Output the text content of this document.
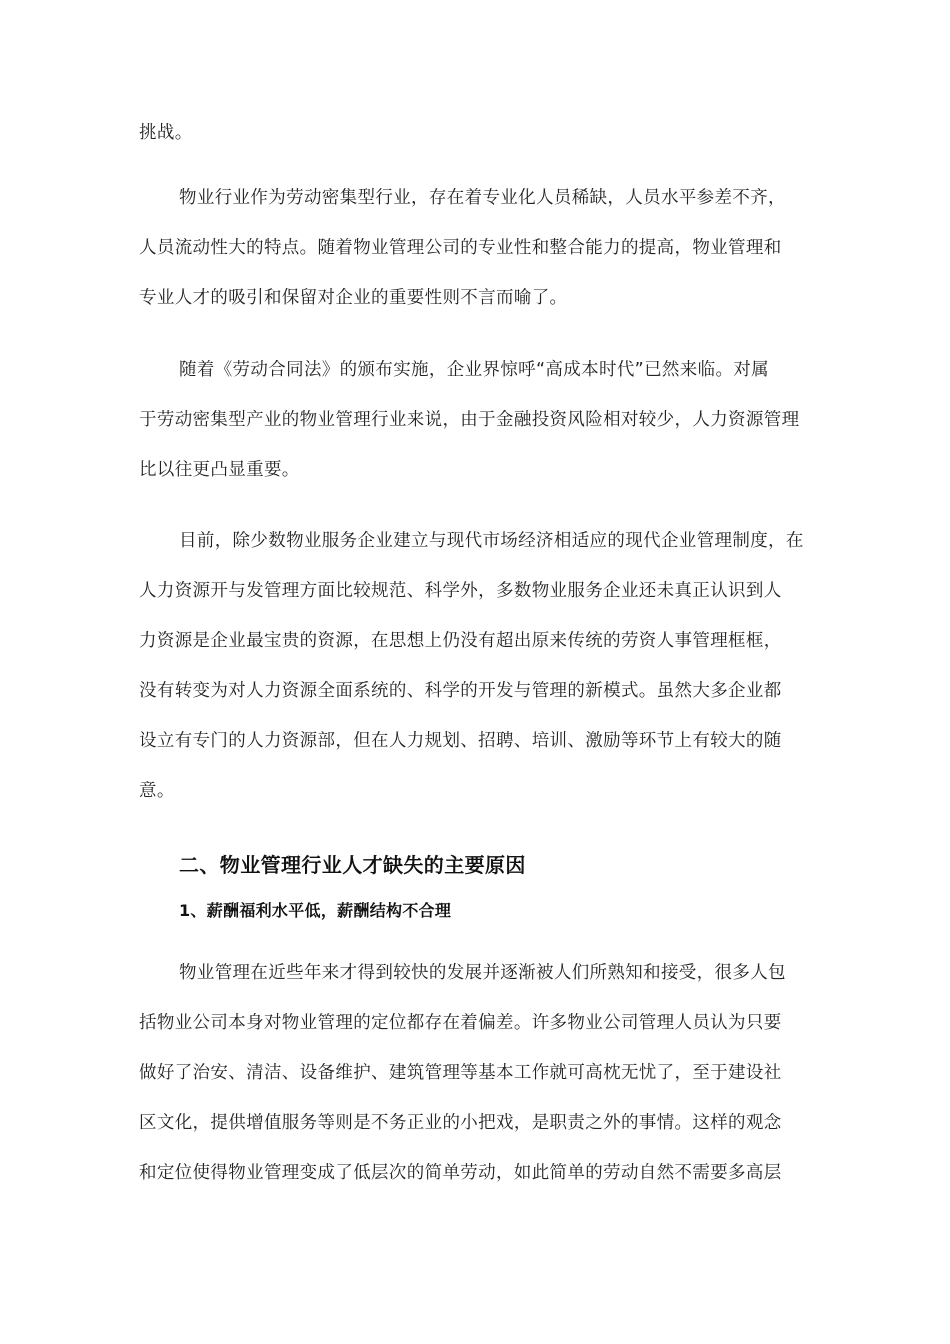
挑战。
物业行业作为劳动密集型行业，存在着专业化人员稀缺，人员水平参差不齐，
人员流动性大的特点。随着物业管理公司的专业性和整合能力的提高，物业管理和
专业人才的吸引和保留对企业的重要性则不言而喻了。
随着《劳动合同法》的颁布实施，企业界惊呼“高成本时代”已然来临。对属
于劳动密集型产业的物业管理行业来说，由于金融投资风险相对较少，人力资源管理
比以往更凸显重要。
目前，除少数物业服务企业建立与现代市场经济相适应的现代企业管理制度，在
人力资源开与发管理方面比较规范、科学外，多数物业服务企业还未真正认识到人
力资源是企业最宝贵的资源，在思想上仍没有超出原来传统的劳资人事管理框框，
没有转变为对人力资源全面系统的、科学的开发与管理的新模式。虽然大多企业都
设立有专门的人力资源部，但在人力规划、招聘、培训、激励等环节上有较大的随
意。
二、物业管理行业人才缺失的主要原因
1、薪酬福利水平低，薪酬结构不合理
物业管理在近些年来才得到较快的发展并逐渐被人们所熟知和接受，很多人包
括物业公司本身对物业管理的定位都存在着偏差。许多物业公司管理人员认为只要
做好了治安、清洁、设备维护、建筑管理等基本工作就可高枕无忧了，至于建设社
区文化，提供增值服务等则是不务正业的小把戏，是职责之外的事情。这样的观念
和定位使得物业管理变成了低层次的简单劳动，如此简单的劳动自然不需要多高层
